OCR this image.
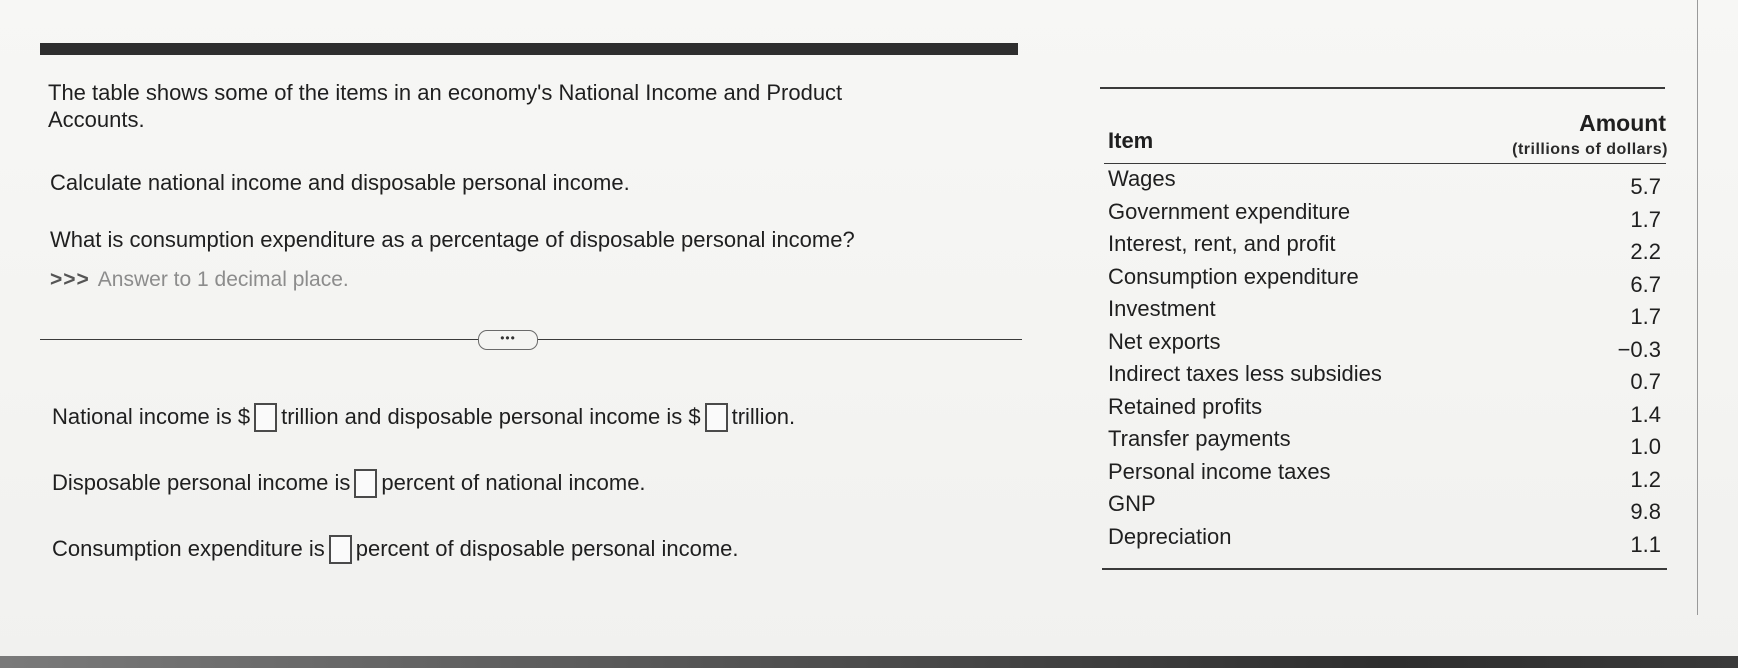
The table shows some of the items in an economy's National Income and Product
Accounts.
Calculate national income and disposable personal income.
What is consumption expenditure as a percentage of disposable personal income?
>>> Answer to 1 decimal place.
•••
National income is $ trillion and disposable personal income is $ trillion.
Disposable personal income is percent of national income.
Consumption expenditure is percent of disposable personal income.
Item
Amount
(trillions of dollars)
Wages	5.7
Government expenditure	1.7
Interest, rent, and profit	2.2
Consumption expenditure	6.7
Investment	1.7
Net exports	−0.3
Indirect taxes less subsidies	0.7
Retained profits	1.4
Transfer payments	1.0
Personal income taxes	1.2
GNP	9.8
Depreciation	1.1
